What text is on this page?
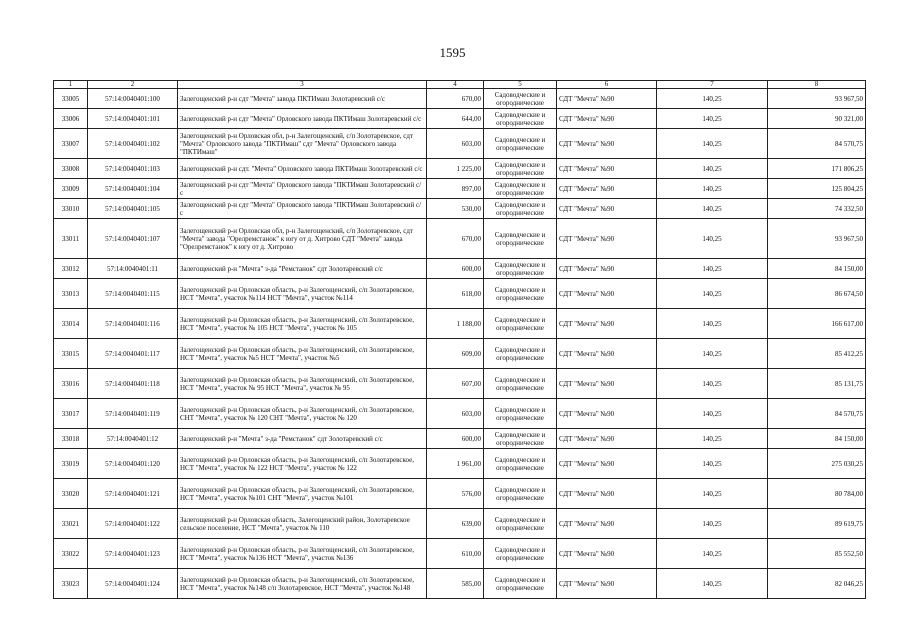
1595
1	2	3	4	5	6	7	8
33005	57:14:0040401:100	Залегощенский р-н сдт "Мечта" завода ПКТИмаш Золотаревский с/с	670,00	Садоводческие и огороднические	СДТ "Мечта" №90	140,25	93 967,50
33006	57:14:0040401:101	Залегощенский р-н сдт "Мечта" Орловского завода ПКТИмаш Золотаревский с/с	644,00	Садоводческие и огороднические	СДТ "Мечта" №90	140,25	90 321,00
33007	57:14:0040401:102	Залегощенский р-н Орловская обл, р-н Залегощенский, с/п Золотаревское, сдт "Мечта" Орловского завода "ПКТИмаш" сдт "Мечта" Орловского завода "ПКТИмаш"	603,00	Садоводческие и огороднические	СДТ "Мечта" №90	140,25	84 570,75
33008	57:14:0040401:103	Залегощенский р-н сдт. "Мечта" Орловского завода ПКТИмаш Золотаревский с/с	1 225,00	Садоводческие и огороднические	СДТ "Мечта" №90	140,25	171 806,25
33009	57:14:0040401:104	Залегощенский р-н сдт "Мечта" Орловского завода "ПКТИмаш Золотаревский с/с	897,00	Садоводческие и огороднические	СДТ "Мечта" №90	140,25	125 804,25
33010	57:14:0040401:105	Залегощенский р-н сдт "Мечта" Орловского завода "ПКТИмаш Золотаревский с/с	530,00	Садоводческие и огороднические	СДТ "Мечта" №90	140,25	74 332,50
33011	57:14:0040401:107	Залегощенский р-н Орловская обл, р-н Залегощенский, с/п Золотаревское, сдт "Мечта" завода "Орелремстанок" к югу от д. Хитрово СДТ "Мечта" завода "Орелремстанок" к югу от д. Хитрово	670,00	Садоводческие и огороднические	СДТ "Мечта" №90	140,25	93 967,50
33012	57:14:0040401:11	Залегощенский р-н "Мечта" з-да "Ремстанок" сдт Золотаревский с/с	600,00	Садоводческие и огороднические	СДТ "Мечта" №90	140,25	84 150,00
33013	57:14:0040401:115	Залегощенский р-н Орловская область, р-н Залегощенский, с/п Золотаревское, НСТ "Мечта", участок №114 НСТ "Мечта", участок №114	618,00	Садоводческие и огороднические	СДТ "Мечта" №90	140,25	86 674,50
33014	57:14:0040401:116	Залегощенский р-н Орловская область, р-н Залегощенский, с/п Золотаревское, НСТ "Мечта", участок № 105 НСТ "Мечта", участок № 105	1 188,00	Садоводческие и огороднические	СДТ "Мечта" №90	140,25	166 617,00
33015	57:14:0040401:117	Залегощенский р-н Орловская область, р-н Залегощенский, с/п Золотаревское, НСТ "Мечта", участок №5 НСТ "Мечта", участок №5	609,00	Садоводческие и огороднические	СДТ "Мечта" №90	140,25	85 412,25
33016	57:14:0040401:118	Залегощенский р-н Орловская область, р-н Залегощенский, с/п Золотаревское, НСТ "Мечта", участок № 95 НСТ "Мечта", участок № 95	607,00	Садоводческие и огороднические	СДТ "Мечта" №90	140,25	85 131,75
33017	57:14:0040401:119	Залегощенский р-н Орловская область, р-н Залегощенский, с/п Золотаревское, СНТ "Мечта", участок № 120 СНТ "Мечта", участок № 120	603,00	Садоводческие и огороднические	СДТ "Мечта" №90	140,25	84 570,75
33018	57:14:0040401:12	Залегощенский р-н "Мечта" з-да "Ремстанок" сдт Золотаревский с/с	600,00	Садоводческие и огороднические	СДТ "Мечта" №90	140,25	84 150,00
33019	57:14:0040401:120	Залегощенский р-н Орловская область, р-н Залегощенский, с/п Золотаревское, НСТ "Мечта", участок № 122 НСТ "Мечта", участок № 122	1 961,00	Садоводческие и огороднические	СДТ "Мечта" №90	140,25	275 030,25
33020	57:14:0040401:121	Залегощенский р-н Орловская область, р-н Залегощенский, с/п Золотаревское, НСТ "Мечта", участок №101 СНТ "Мечта", участок №101	576,00	Садоводческие и огороднические	СДТ "Мечта" №90	140,25	80 784,00
33021	57:14:0040401:122	Залегощенский р-н Орловская область, Залегощенский район, Золотаревское сельское поселение, НСТ "Мечта", участок № 110	639,00	Садоводческие и огороднические	СДТ "Мечта" №90	140,25	89 619,75
33022	57:14:0040401:123	Залегощенский р-н Орловская область, р-н Залегощенский, с/п Золотаревское, НСТ "Мечта", участок №136 НСТ "Мечта", участок №136	610,00	Садоводческие и огороднические	СДТ "Мечта" №90	140,25	85 552,50
33023	57:14:0040401:124	Залегощенский р-н Орловская область, р-н Залегощенский, с/п Золотаревское, НСТ "Мечта", участок №148 с/п Золотаревское, НСТ "Мечта", участок №148	585,00	Садоводческие и огороднические	СДТ "Мечта" №90	140,25	82 046,25
